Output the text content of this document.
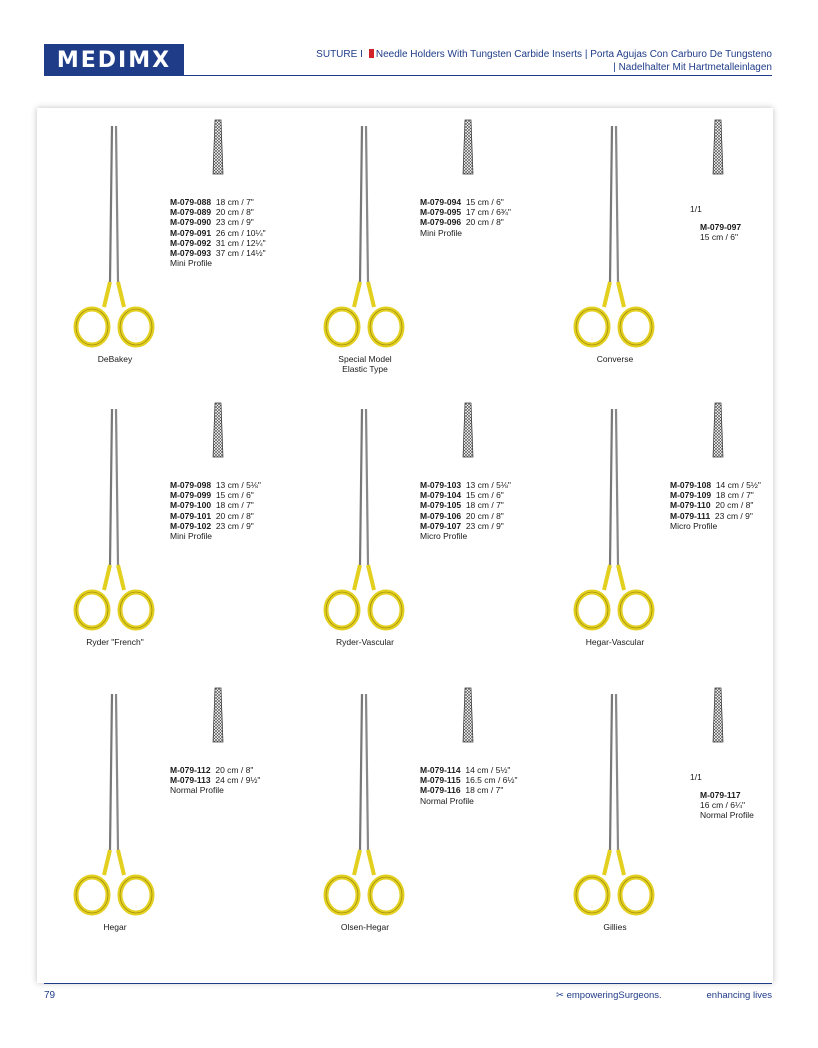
MEDIMX	SUTURE I Needle Holders With Tungsten Carbide Inserts | Porta Agujas Con Carburo De Tungsteno
| Nadelhalter Mit Hartmetalleinlagen
M-079-088  18 cm / 7"
M-079-089  20 cm / 8"
M-079-090  23 cm / 9"
M-079-091  26 cm / 10¼"
M-079-092  31 cm / 12¼"
M-079-093  37 cm / 14½"
Mini Profile
DeBakey
M-079-094  15 cm / 6"
M-079-095  17 cm / 6¾"
M-079-096  20 cm / 8"
Mini Profile
Special Model
Elastic Type
1/1
M-079-097
15 cm / 6"
Converse
M-079-098  13 cm / 5⅛"
M-079-099  15 cm / 6"
M-079-100  18 cm / 7"
M-079-101  20 cm / 8"
M-079-102  23 cm / 9"
Mini Profile
Ryder "French"
M-079-103  13 cm / 5⅛"
M-079-104  15 cm / 6"
M-079-105  18 cm / 7"
M-079-106  20 cm / 8"
M-079-107  23 cm / 9"
Micro Profile
Ryder-Vascular
M-079-108  14 cm / 5½"
M-079-109  18 cm / 7"
M-079-110  20 cm / 8"
M-079-111  23 cm / 9"
Micro Profile
Hegar-Vascular
M-079-112  20 cm / 8"
M-079-113  24 cm / 9½"
Normal Profile
Hegar
M-079-114  14 cm / 5½"
M-079-115  16.5 cm / 6½"
M-079-116  18 cm / 7"
Normal Profile
Olsen-Hegar
1/1
M-079-117
16 cm / 6¼"
Normal Profile
Gillies
79	✂ empoweringSurgeons.	enhancing lives
